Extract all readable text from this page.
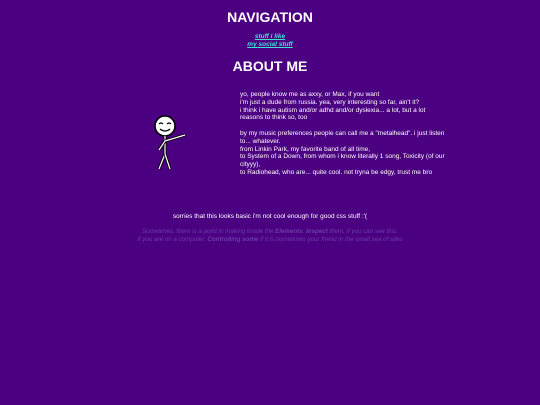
NAVIGATION
stuff i like
my social stuff
ABOUT ME

yo, people know me as axxy, or Max, if you want
i'm just a dude from russia. yea, very interesting so far, ain't it?
i think i have autism and/or adhd and/or dyslexia... a lot, but a lot reasons to think so, too

by my music preferences people can call me a "metalhead". i just listen to... whatever.
from Linkin Park, my favorite band of all time,
to System of a Down, from whom i know literally 1 song, Toxicity (of our cityyy),
to Radiohead, who are... quite cool. not tryna be edgy, trust me bro

sorries that this looks basic i'm not cool enough for good css stuff :'(
Sometimes, there is a point in making inside the Elements. Inspect them, if you can see this.
If you are on a computer, Controlling some if it is sometimes your friend in the small sea of sites
